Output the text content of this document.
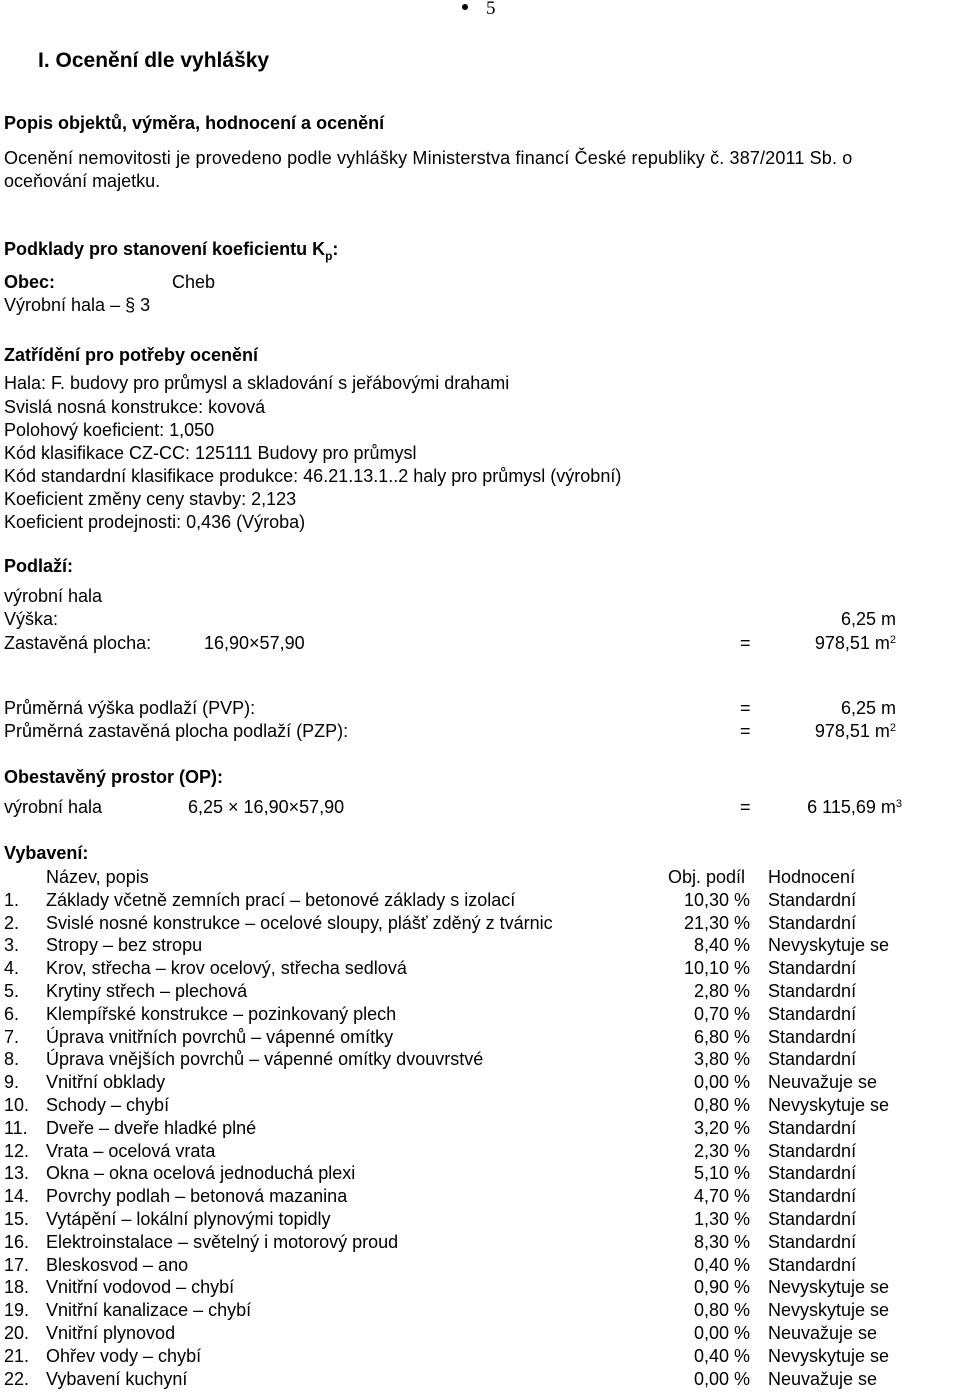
5
I. Ocenění dle vyhlášky
Popis objektů, výměra, hodnocení a ocenění
Ocenění nemovitosti je provedeno podle vyhlášky Ministerstva financí České republiky č. 387/2011 Sb. o
oceňování majetku.
Podklady pro stanovení koeficientu $K_p$:
Obec:	Cheb
Výrobní hala – § 3
Zatřídění pro potřeby ocenění
Hala: F. budovy pro průmysl a skladování s jeřábovými drahami
Svislá nosná konstrukce: kovová
Polohový koeficient: 1,050
Kód klasifikace CZ-CC: 125111 Budovy pro průmysl
Kód standardní klasifikace produkce: 46.21.13.1..2 haly pro průmysl (výrobní)
Koeficient změny ceny stavby: 2,123
Koeficient prodejnosti: 0,436 (Výroba)
Podlaží:
výrobní hala
Výška:	6,25 m
Zastavěná plocha:	16,90×57,90	=	978,51 $m^2$
Průměrná výška podlaží (PVP):	=	6,25 m
Průměrná zastavěná plocha podlaží (PZP):	=	978,51 $m^2$
Obestavěný prostor (OP):
výrobní hala	6,25 × 16,90×57,90	=	6 115,69 $m^3$
Vybavení:
	Název, popis	Obj. podíl	Hodnocení
1.	Základy včetně zemních prací – betonové základy s izolací	10,30 %	Standardní
2.	Svislé nosné konstrukce – ocelové sloupy, plášť zděný z tvárnic	21,30 %	Standardní
3.	Stropy – bez stropu	8,40 %	Nevyskytuje se
4.	Krov, střecha – krov ocelový, střecha sedlová	10,10 %	Standardní
5.	Krytiny střech – plechová	2,80 %	Standardní
6.	Klempířské konstrukce – pozinkovaný plech	0,70 %	Standardní
7.	Úprava vnitřních povrchů – vápenné omítky	6,80 %	Standardní
8.	Úprava vnějších povrchů – vápenné omítky dvouvrstvé	3,80 %	Standardní
9.	Vnitřní obklady	0,00 %	Neuvažuje se
10.	Schody – chybí	0,80 %	Nevyskytuje se
11.	Dveře – dveře hladké plné	3,20 %	Standardní
12.	Vrata – ocelová vrata	2,30 %	Standardní
13.	Okna – okna ocelová jednoduchá plexi	5,10 %	Standardní
14.	Povrchy podlah – betonová mazanina	4,70 %	Standardní
15.	Vytápění – lokální plynovými topidly	1,30 %	Standardní
16.	Elektroinstalace – světelný i motorový proud	8,30 %	Standardní
17.	Bleskosvod – ano	0,40 %	Standardní
18.	Vnitřní vodovod – chybí	0,90 %	Nevyskytuje se
19.	Vnitřní kanalizace – chybí	0,80 %	Nevyskytuje se
20.	Vnitřní plynovod	0,00 %	Neuvažuje se
21.	Ohřev vody – chybí	0,40 %	Nevyskytuje se
22.	Vybavení kuchyní	0,00 %	Neuvažuje se
